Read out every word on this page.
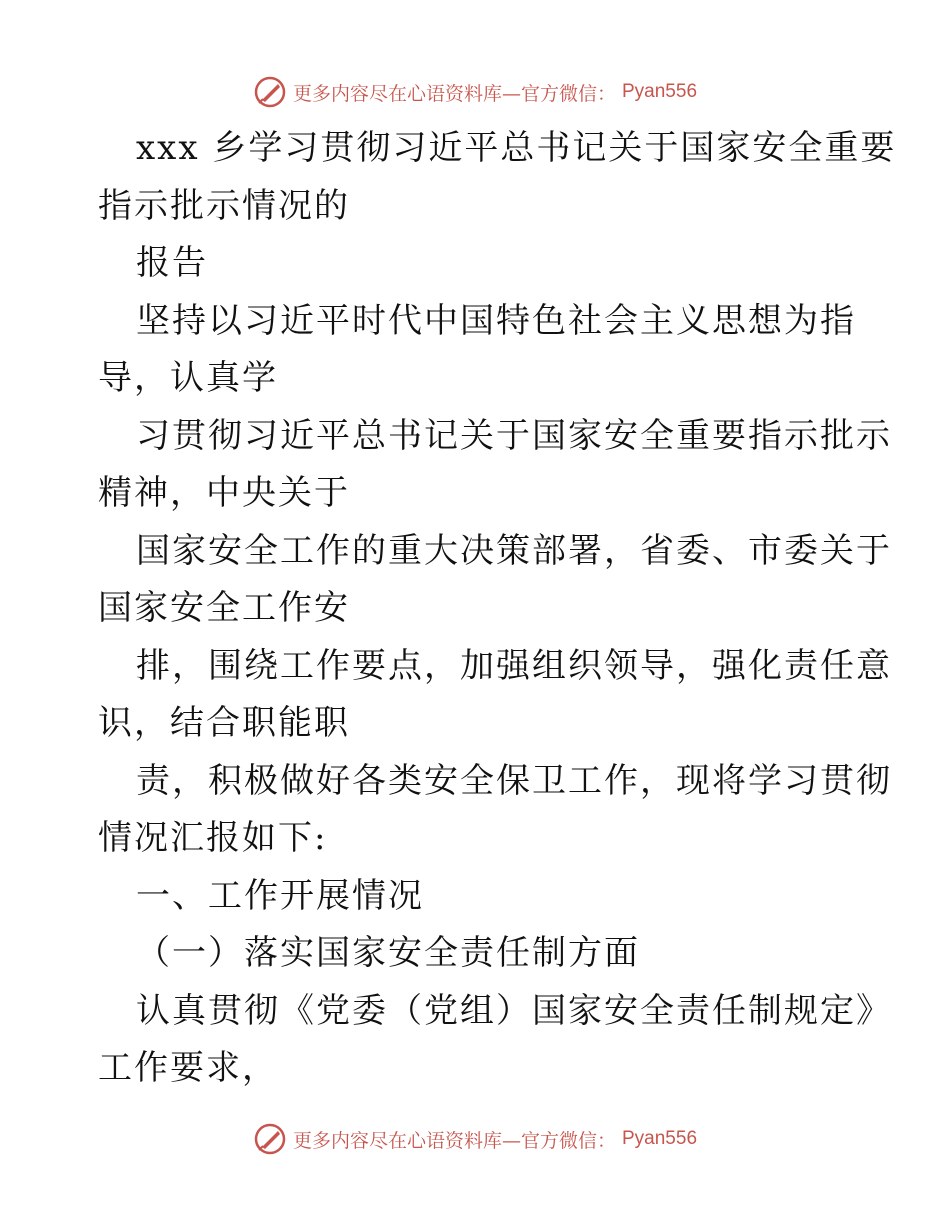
更多内容尽在心语资料库—官方微信： Pyan556
xxx 乡学习贯彻习近平总书记关于国家安全重要
指示批示情况的
报告
坚持以习近平时代中国特色社会主义思想为指
导，认真学
习贯彻习近平总书记关于国家安全重要指示批示
精神，中央关于
国家安全工作的重大决策部署，省委、市委关于
国家安全工作安
排，围绕工作要点，加强组织领导，强化责任意
识，结合职能职
责，积极做好各类安全保卫工作，现将学习贯彻
情况汇报如下:
一、工作开展情况
（一）落实国家安全责任制方面
认真贯彻《党委（党组）国家安全责任制规定》
工作要求，
更多内容尽在心语资料库—官方微信： Pyan556
